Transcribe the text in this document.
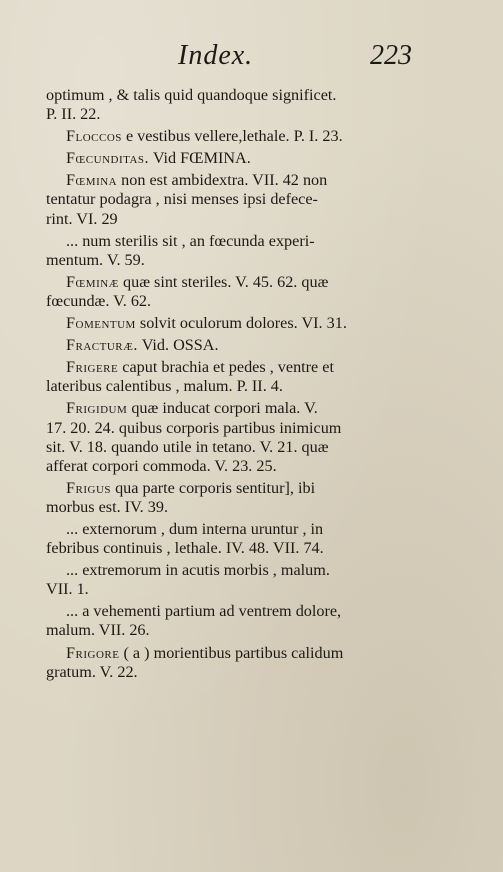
Index.	223

optimum , & talis quid quandoque significet.
P. II. 22.

Floccos e vestibus vellere,lethale. P. I. 23.

Fœcunditas. Vid FŒMINA.

Fœmina non est ambidextra. VII. 42 non
tentatur podagra , nisi menses ipsi defece-
rint. VI. 29

... num sterilis sit , an fœcunda experi-
mentum. V. 59.

Fœminæ quæ sint steriles. V. 45. 62. quæ
fœcundæ. V. 62.

Fomentum solvit oculorum dolores. VI. 31.

Fracturæ. Vid. OSSA.

Frigere caput brachia et pedes , ventre et
lateribus calentibus , malum. P. II. 4.

Frigidum quæ inducat corpori mala. V.
17. 20. 24. quibus corporis partibus inimicum
sit. V. 18. quando utile in tetano. V. 21. quæ
afferat corpori commoda. V. 23. 25.

Frigus qua parte corporis sentitur], ibi
morbus est. IV. 39.

... externorum , dum interna uruntur , in
febribus continuis , lethale. IV. 48. VII. 74.

... extremorum in acutis morbis , malum.
VII. 1.

... a vehementi partium ad ventrem dolore,
malum. VII. 26.

Frigore ( a ) morientibus partibus calidum
gratum. V. 22.
